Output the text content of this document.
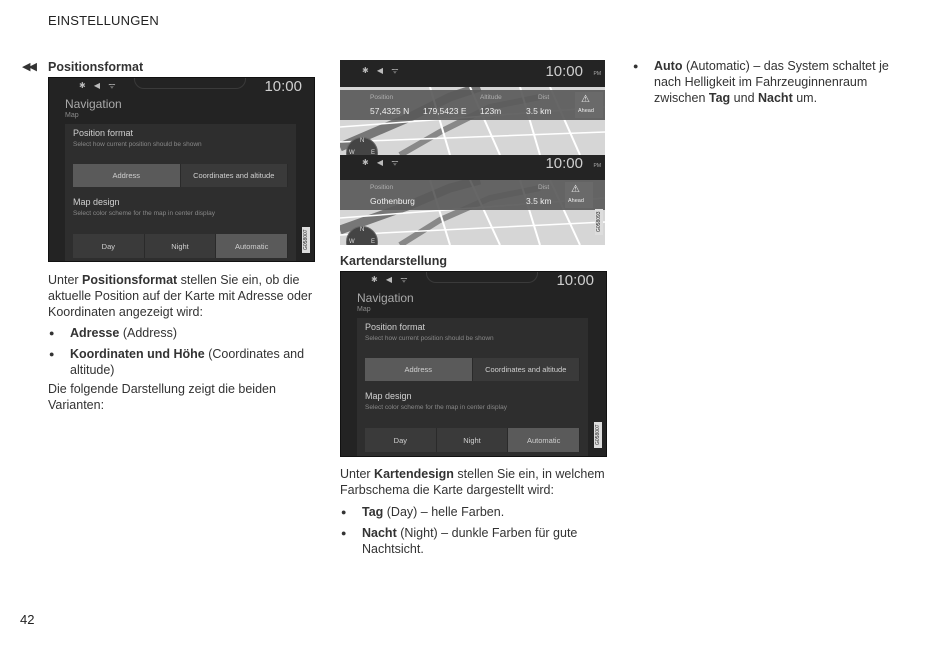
EINSTELLUNGEN
◀◀ Positionsformat
✱ ◀ ᯤ	10:00
Navigation
Map
Position format
Select how current position should be shown
Address	Coordinates and altitude
Map design
Select color scheme for the map in center display
Day	Night	Automatic	G058007
Unter Positionsformat stellen Sie ein, ob die aktuelle Position auf der Karte mit Adresse oder Koordinaten angezeigt wird:
● Adresse (Address)
● Koordinaten und Höhe (Coordinates and altitude)
Die folgende Darstellung zeigt die beiden Varianten:
✱ ◀ ᯤ	10:00 PM
Position
57,4325 N 179,5423 E
Altitude
123m
Dist
3.5 km
⚠
Ahead
N
W	E
✱ ◀ ᯤ	10:00 PM
Position
Gothenburg
Dist
3.5 km
⚠
Ahead
N
W	E
G058093
Kartendarstellung
✱ ◀ ᯤ	10:00
Navigation
Map
Position format
Select how current position should be shown
Address	Coordinates and altitude
Map design
Select color scheme for the map in center display
Day	Night	Automatic	G058007
Unter Kartendesign stellen Sie ein, in welchem Farbschema die Karte dargestellt wird:
● Tag (Day) – helle Farben.
● Nacht (Night) – dunkle Farben für gute Nachtsicht.
● Auto (Automatic) – das System schaltet je nach Helligkeit im Fahrzeuginnenraum zwischen Tag und Nacht um.
42
